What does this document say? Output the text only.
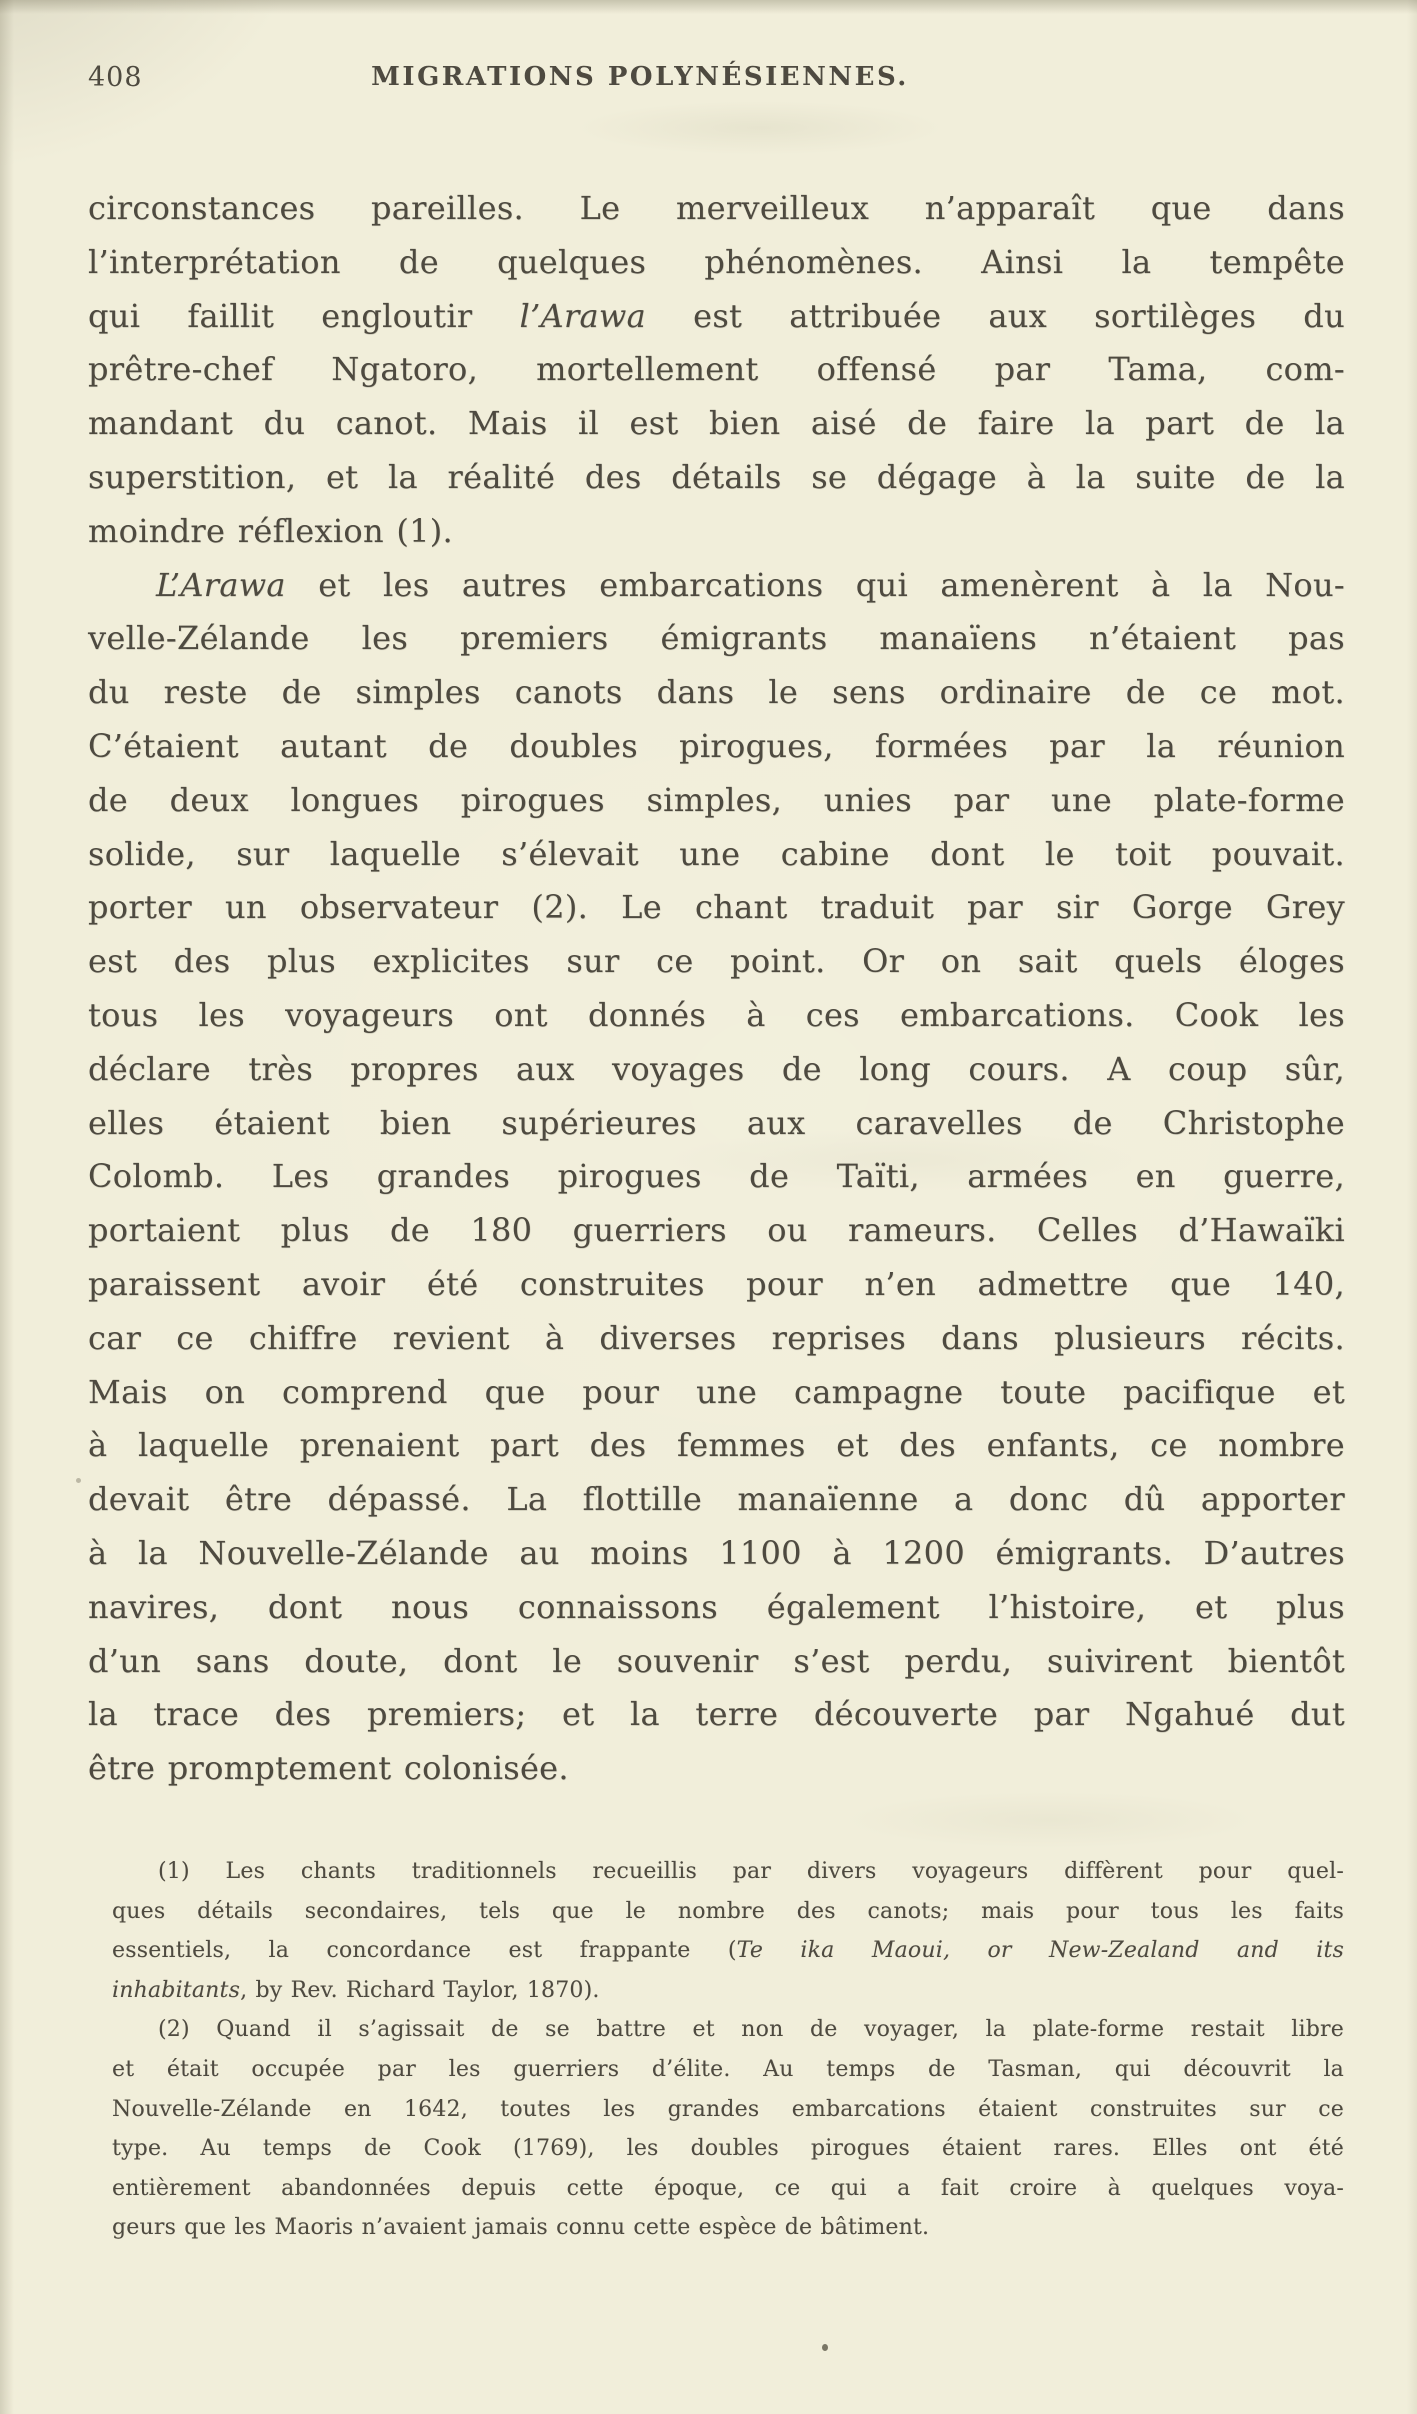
408	MIGRATIONS POLYNÉSIENNES.
circonstances pareilles. Le merveilleux n’apparaît que dans
l’interprétation de quelques phénomènes. Ainsi la tempête
qui faillit engloutir l’Arawa est attribuée aux sortilèges du
prêtre-chef Ngatoro, mortellement offensé par Tama, com-
mandant du canot. Mais il est bien aisé de faire la part de la
superstition, et la réalité des détails se dégage à la suite de la
moindre réflexion (1).
L’Arawa et les autres embarcations qui amenèrent à la Nou-
velle-Zélande les premiers émigrants manaïens n’étaient pas
du reste de simples canots dans le sens ordinaire de ce mot.
C’étaient autant de doubles pirogues, formées par la réunion
de deux longues pirogues simples, unies par une plate-forme
solide, sur laquelle s’élevait une cabine dont le toit pouvait.
porter un observateur (2). Le chant traduit par sir Gorge Grey
est des plus explicites sur ce point. Or on sait quels éloges
tous les voyageurs ont donnés à ces embarcations. Cook les
déclare très propres aux voyages de long cours. A coup sûr,
elles étaient bien supérieures aux caravelles de Christophe
Colomb. Les grandes pirogues de Taïti, armées en guerre,
portaient plus de 180 guerriers ou rameurs. Celles d’Hawaïki
paraissent avoir été construites pour n’en admettre que 140,
car ce chiffre revient à diverses reprises dans plusieurs récits.
Mais on comprend que pour une campagne toute pacifique et
à laquelle prenaient part des femmes et des enfants, ce nombre
devait être dépassé. La flottille manaïenne a donc dû apporter
à la Nouvelle-Zélande au moins 1100 à 1200 émigrants. D’autres
navires, dont nous connaissons également l’histoire, et plus
d’un sans doute, dont le souvenir s’est perdu, suivirent bientôt
la trace des premiers; et la terre découverte par Ngahué dut
être promptement colonisée.
(1) Les chants traditionnels recueillis par divers voyageurs diffèrent pour quel-
ques détails secondaires, tels que le nombre des canots; mais pour tous les faits
essentiels, la concordance est frappante (Te ika Maoui, or New-Zealand and its
inhabitants, by Rev. Richard Taylor, 1870).
(2) Quand il s’agissait de se battre et non de voyager, la plate-forme restait libre
et était occupée par les guerriers d’élite. Au temps de Tasman, qui découvrit la
Nouvelle-Zélande en 1642, toutes les grandes embarcations étaient construites sur ce
type. Au temps de Cook (1769), les doubles pirogues étaient rares. Elles ont été
entièrement abandonnées depuis cette époque, ce qui a fait croire à quelques voya-
geurs que les Maoris n’avaient jamais connu cette espèce de bâtiment.
